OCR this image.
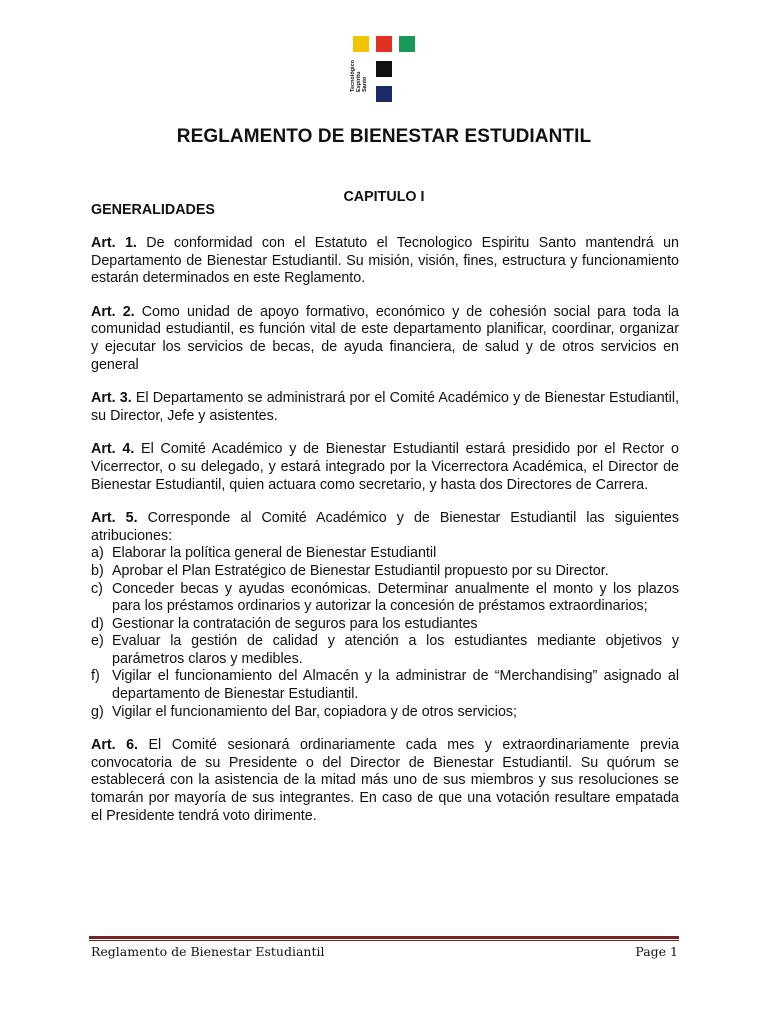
Tecnológico Espíritu Santo
REGLAMENTO DE BIENESTAR ESTUDIANTIL
CAPITULO I
GENERALIDADES

Art. 1. De conformidad con el Estatuto el Tecnologico Espiritu Santo mantendrá un Departamento de Bienestar Estudiantil. Su misión, visión, fines, estructura y funcionamiento estarán determinados en este Reglamento.

Art. 2. Como unidad de apoyo formativo, económico y de cohesión social para toda la comunidad estudiantil, es función vital de este departamento planificar, coordinar, organizar y ejecutar los servicios de becas, de ayuda financiera, de salud y de otros servicios en general

Art. 3. El Departamento se administrará por el Comité Académico y de Bienestar Estudiantil, su Director, Jefe y asistentes.

Art. 4. El Comité Académico y de Bienestar Estudiantil estará presidido por el Rector o Vicerrector, o su delegado, y estará integrado por la Vicerrectora Académica, el Director de Bienestar Estudiantil, quien actuara como secretario, y hasta dos Directores de Carrera.

Art. 5. Corresponde al Comité Académico y de Bienestar Estudiantil las siguientes atribuciones:

a) Elaborar la política general de Bienestar Estudiantil
b) Aprobar el Plan Estratégico de Bienestar Estudiantil propuesto por su Director.
c) Conceder becas y ayudas económicas. Determinar anualmente el monto y los plazos para los préstamos ordinarios y autorizar la concesión de préstamos extraordinarios;
d) Gestionar la contratación de seguros para los estudiantes
e) Evaluar la gestión de calidad y atención a los estudiantes mediante objetivos y parámetros claros y medibles.
f) Vigilar el funcionamiento del Almacén y la administrar de “Merchandising” asignado al departamento de Bienestar Estudiantil.
g) Vigilar el funcionamiento del Bar, copiadora y de otros servicios;

Art. 6. El Comité sesionará ordinariamente cada mes y extraordinariamente previa convocatoria de su Presidente o del Director de Bienestar Estudiantil. Su quórum se establecerá con la asistencia de la mitad más uno de sus miembros y sus resoluciones se tomarán por mayoría de sus integrantes. En caso de que una votación resultare empatada el Presidente tendrá voto dirimente.

Reglamento de Bienestar Estudiantil	Page 1
